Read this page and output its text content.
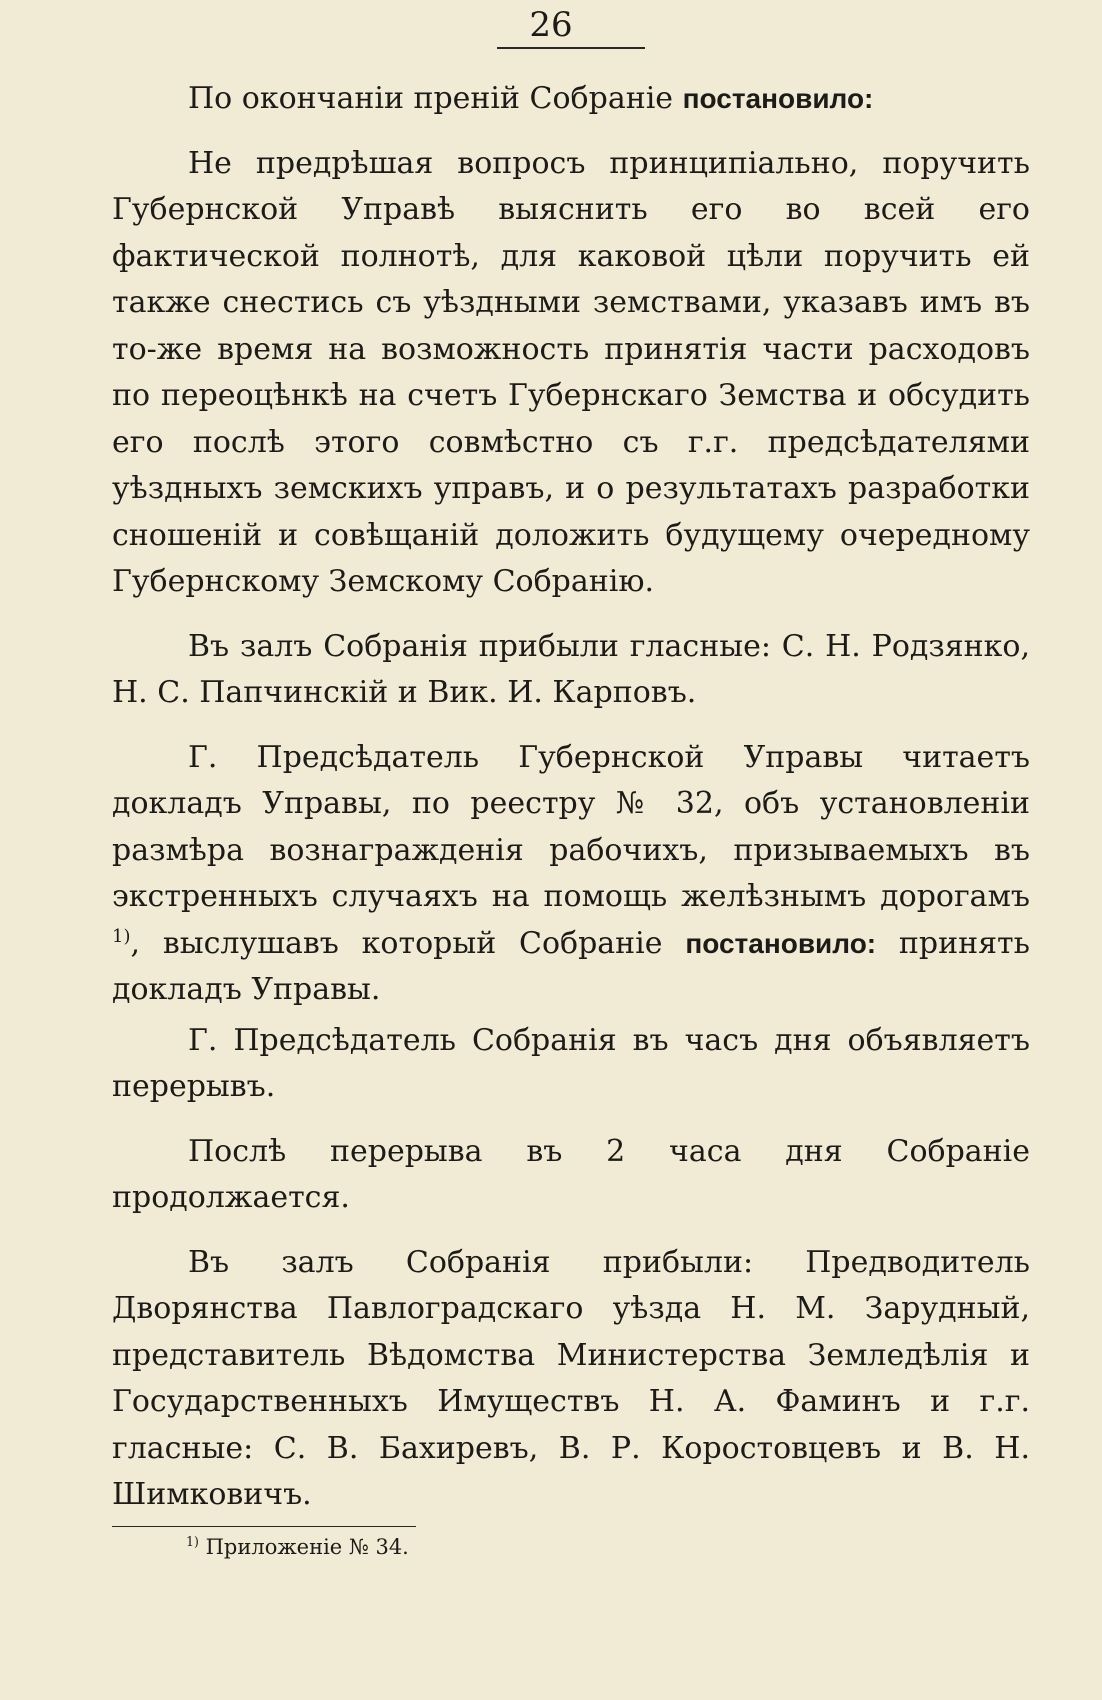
26

По окончаніи преній Собраніе постановило:

Не предрѣшая вопросъ принципіально, поручить Губернской Управѣ выяснить его во всей его фактической полнотѣ, для каковой цѣли поручить ей также снестись съ уѣздными земствами, указавъ имъ въ то-же время на возможность принятія части расходовъ по переоцѣнкѣ на счетъ Губернскаго Земства и обсудить его послѣ этого совмѣстно съ г.г. предсѣдателями уѣздныхъ земскихъ управъ, и о результатахъ разработки сношеній и совѣщаній доложить будущему очередному Губернскому Земскому Собранію.

Въ залъ Собранія прибыли гласные: С. Н. Родзянко, Н. С. Папчинскій и Вик. И. Карповъ.

Г. Предсѣдатель Губернской Управы читаетъ докладъ Управы, по реестру № 32, объ установленіи размѣра вознагражденія рабочихъ, призываемыхъ въ экстренныхъ случаяхъ на помощь желѣзнымъ дорогамъ $^{1)}$, выслушавъ который Собраніе постановило: принять докладъ Управы.

Г. Предсѣдатель Собранія въ часъ дня объявляетъ перерывъ.

Послѣ перерыва въ 2 часа дня Собраніе продолжается.

Въ залъ Собранія прибыли: Предводитель Дворянства Павлоградскаго уѣзда Н. М. Зарудный, представитель Вѣдомства Министерства Земледѣлія и Государственныхъ Имуществъ Н. А. Фаминъ и г.г. гласные: С. В. Бахиревъ, В. Р. Коростовцевъ и В. Н. Шимковичъ.

$^{1)}$ Приложеніе № 34.
